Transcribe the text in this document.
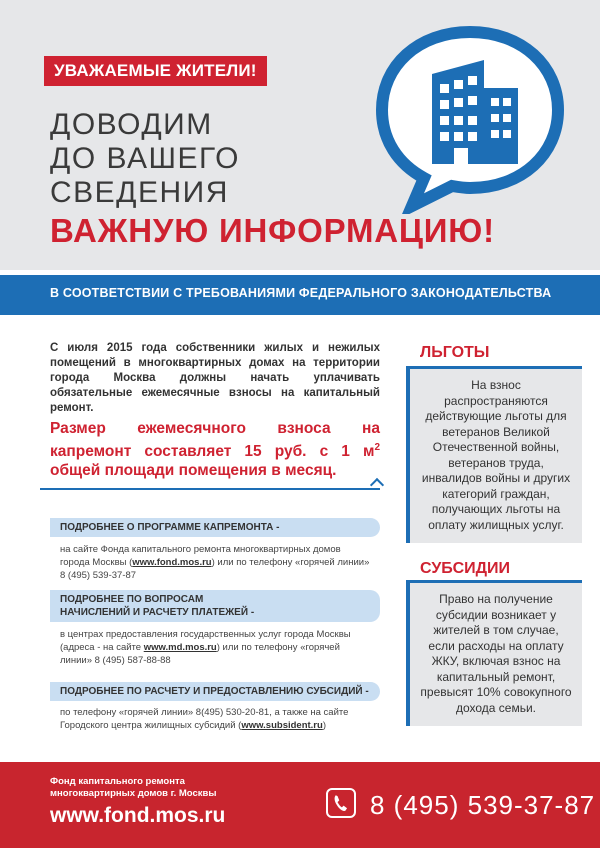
УВАЖАЕМЫЕ ЖИТЕЛИ!
ДОВОДИМ
ДО ВАШЕГО
СВЕДЕНИЯ
ВАЖНУЮ ИНФОРМАЦИЮ!
В СООТВЕТСТВИИ С ТРЕБОВАНИЯМИ ФЕДЕРАЛЬНОГО ЗАКОНОДАТЕЛЬСТВА

С июля 2015 года собственники жилых и нежилых помещений в многоквартирных домах на территории города Москва должны начать уплачивать обязательные ежемесячные взносы на капитальный ремонт.

Размер ежемесячного взноса на капремонт составляет 15 руб. с 1 $м^2$ общей площади помещения в месяц.

ПОДРОБНЕЕ О ПРОГРАММЕ КАПРЕМОНТА -

на сайте Фонда капитального ремонта многоквартирных домов города Москвы (www.fond.mos.ru) или по телефону «горячей линии» 8 (495) 539-37-87

ПОДРОБНЕЕ ПО ВОПРОСАМ
НАЧИСЛЕНИЙ И РАСЧЕТУ ПЛАТЕЖЕЙ -

в центрах предоставления государственных услуг города Москвы (адреса - на сайте www.md.mos.ru) или по телефону «горячей линии» 8 (495) 587-88-88

ПОДРОБНЕЕ ПО РАСЧЕТУ И ПРЕДОСТАВЛЕНИЮ СУБСИДИЙ -

по телефону «горячей линии» 8(495) 530-20-81, а также на сайте Городского центра жилищных субсидий (www.subsident.ru)

ЛЬГОТЫ
На взнос распространяются действующие льготы для ветеранов Великой Отечественной войны, ветеранов труда, инвалидов войны и других категорий граждан, получающих льготы на оплату жилищных услуг.
СУБСИДИИ
Право на получение субсидии возникает у жителей в том случае, если расходы на оплату ЖКУ, включая взнос на капитальный ремонт, превысят 10% совокупного дохода семьи.
Фонд капитального ремонта
многоквартирных домов г. Москвы
www.fond.mos.ru	8 (495) 539-37-87
